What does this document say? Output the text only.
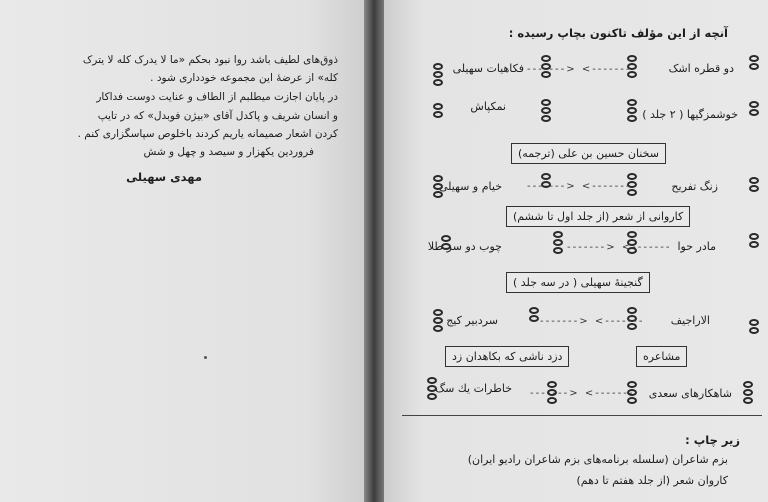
ذوق‌های لطیف باشد روا نبود بحکم «ما لا یدرک کله لا یترک
کله» از عرضهٔ این مجموعه خودداری شود .
در پایان اجازت میطلبم از الطاف و عنایت دوست فداکار
و انسان شریف و پاکدل آقای «بیژن فوبدل» که در تایپ
کردن اشعار صمیمانه یاریم کردند باخلوص سپاسگزاری کنم .
فروردین یکهزار و سیصد و چهل و شش
مهدی سهیلی
آنچه از این مؤلف تاکنون بچاپ رسیده :
دو قطره اشک
-------> <-------
فکاهیات سهیلی
خوشمزگیها ( ۲ جلد )
نمکپاش
سخنان حسین بن علی (ترجمه)
زنگ تفریح
-------> <-------
خیام و سهیلی
کاروانی از شعر (از جلد اول تا ششم)
مادر حوا
-------> <-------
چوب دو سر طلا
گنجینهٔ سهیلی ( در سه جلد )
الاراجیف
-------> <-------
سردبیر کیج
مشاعره
دزد ناشی که بکاهدان زد
شاهکارهای سعدی
-------> <-------
خاطرات یك سگ
زیر چاپ :
بزم شاعران (سلسله برنامه‌های بزم شاعران رادیو ایران)
کاروان شعر (از جلد هفتم تا دهم)
